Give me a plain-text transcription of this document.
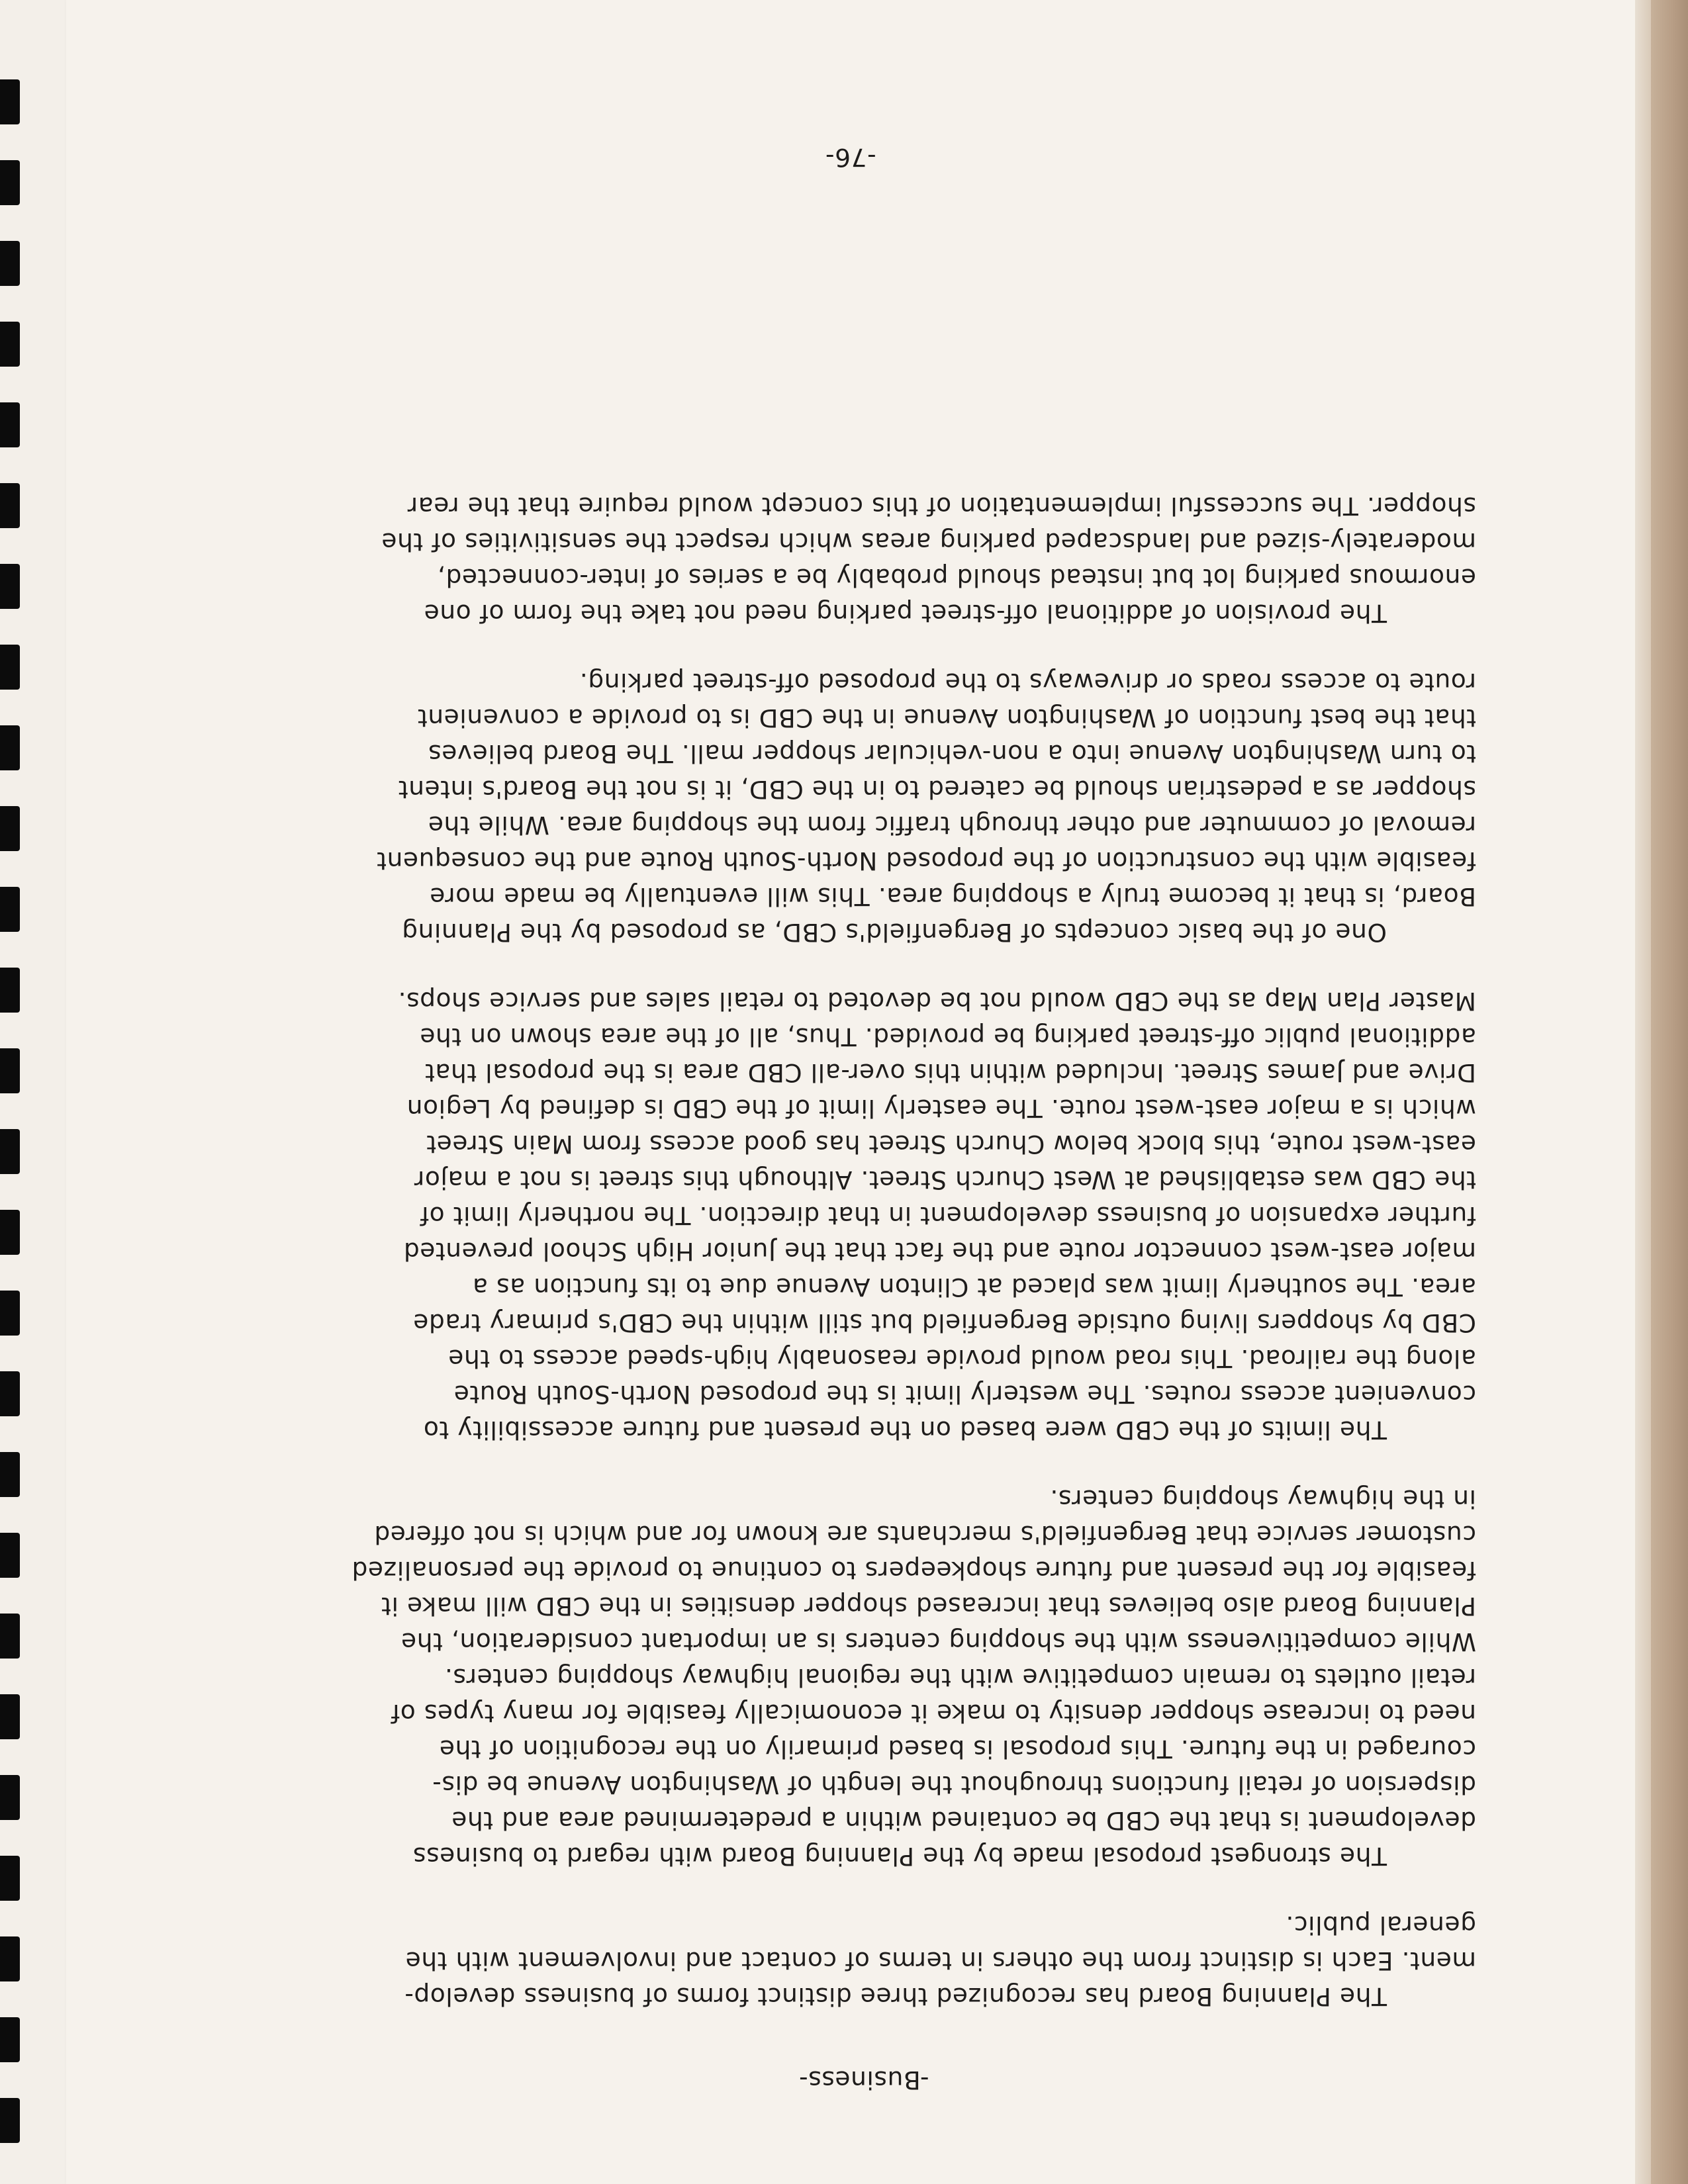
-Business-
The Planning Board has recognized three distinct forms of business develop-
ment. Each is distinct from the others in terms of contact and involvement with the
general public.
The strongest proposal made by the Planning Board with regard to business
development is that the CBD be contained within a predetermined area and the
dispersion of retail functions throughout the length of Washington Avenue be dis-
couraged in the future. This proposal is based primarily on the recognition of the
need to increase shopper density to make it economically feasible for many types of
retail outlets to remain competitive with the regional highway shopping centers.
While competitiveness with the shopping centers is an important consideration, the
Planning Board also believes that increased shopper densities in the CBD will make it
feasible for the present and future shopkeepers to continue to provide the personalized
customer service that Bergenfield's merchants are known for and which is not offered
in the highway shopping centers.
The limits of the CBD were based on the present and future accessibility to
convenient access routes. The westerly limit is the proposed North-South Route
along the railroad. This road would provide reasonably high-speed access to the
CBD by shoppers living outside Bergenfield but still within the CBD's primary trade
area. The southerly limit was placed at Clinton Avenue due to its function as a
major east-west connector route and the fact that the Junior High School prevented
further expansion of business development in that direction. The northerly limit of
the CBD was established at West Church Street. Although this street is not a major
east-west route, this block below Church Street has good access from Main Street
which is a major east-west route. The easterly limit of the CBD is defined by Legion
Drive and James Street. Included within this over-all CBD area is the proposal that
additional public off-street parking be provided. Thus, all of the area shown on the
Master Plan Map as the CBD would not be devoted to retail sales and service shops.
One of the basic concepts of Bergenfield's CBD, as proposed by the Planning
Board, is that it become truly a shopping area. This will eventually be made more
feasible with the construction of the proposed North-South Route and the consequent
removal of commuter and other through traffic from the shopping area. While the
shopper as a pedestrian should be catered to in the CBD, it is not the Board's intent
to turn Washington Avenue into a non-vehicular shopper mall. The Board believes
that the best function of Washington Avenue in the CBD is to provide a convenient
route to access roads or driveways to the proposed off-street parking.
The provision of additional off-street parking need not take the form of one
enormous parking lot but instead should probably be a series of inter-connected,
moderately-sized and landscaped parking areas which respect the sensitivities of the
shopper. The successful implementation of this concept would require that the rear
-76-
